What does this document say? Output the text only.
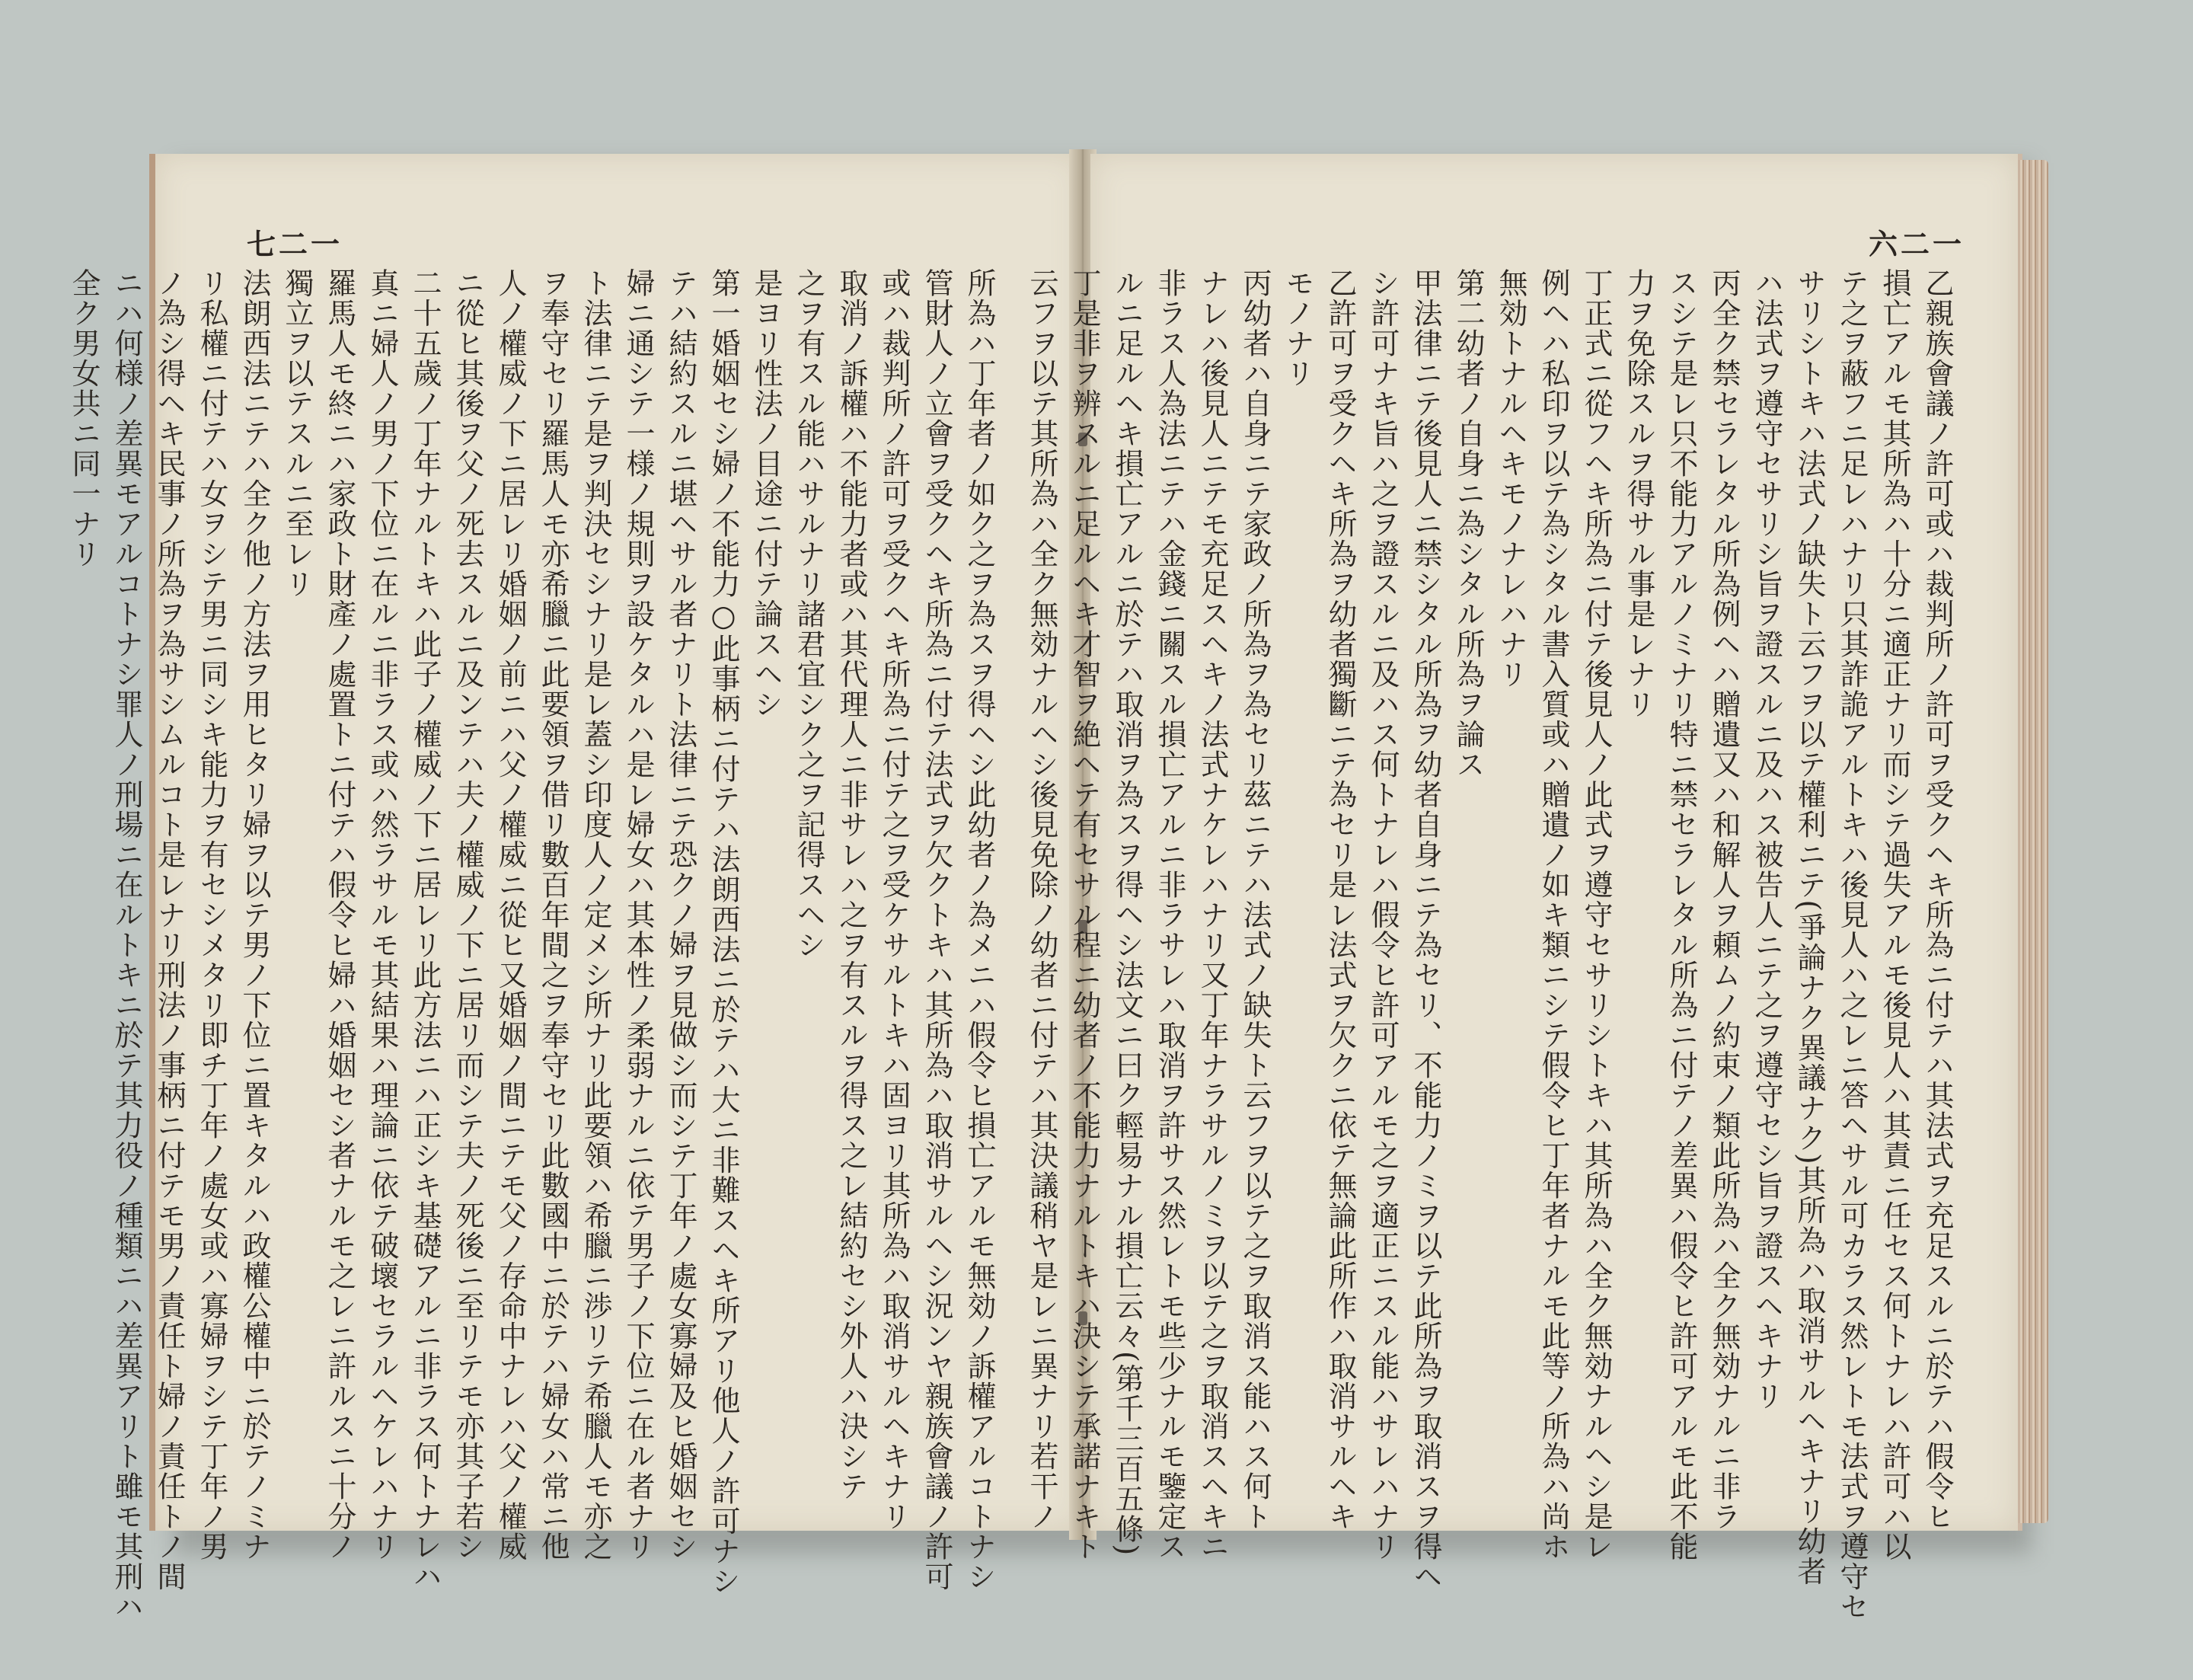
七二一
所為ハ丁年者ノ如ク之ヲ為スヲ得ヘシ此幼者ノ為メニハ假令ヒ損亡アルモ無効ノ訴權アルコトナシ
管財人ノ立會ヲ受クヘキ所為ニ付テ法式ヲ欠クトキハ其所為ハ取消サルヘシ況ンヤ親族會議ノ許可
或ハ裁判所ノ許可ヲ受クヘキ所為ニ付テ之ヲ受ケサルトキハ固ヨリ其所為ハ取消サルヘキナリ
取消ノ訴權ハ不能力者或ハ其代理人ニ非サレハ之ヲ有スルヲ得ス之レ結約セシ外人ハ決シテ
之ヲ有スル能ハサルナリ諸君宜シク之ヲ記得スヘシ
是ヨリ性法ノ目途ニ付テ論スヘシ
第一婚姻セシ婦ノ不能力○此事柄ニ付テハ法朗西法ニ於テハ大ニ非難スヘキ所アリ他人ノ許可ナシ
テハ結約スルニ堪ヘサル者ナリト法律ニテ恐クノ婦ヲ見做シ而シテ丁年ノ處女寡婦及ヒ婚姻セシ
婦ニ通シテ一様ノ規則ヲ設ケタルハ是レ婦女ハ其本性ノ柔弱ナルニ依テ男子ノ下位ニ在ル者ナリ
ト法律ニテ是ヲ判決セシナリ是レ蓋シ印度人ノ定メシ所ナリ此要領ハ希臘ニ渉リテ希臘人モ亦之
ヲ奉守セリ羅馬人モ亦希臘ニ此要領ヲ借リ數百年間之ヲ奉守セリ此數國中ニ於テハ婦女ハ常ニ他
人ノ權威ノ下ニ居レリ婚姻ノ前ニハ父ノ權威ニ從ヒ又婚姻ノ間ニテモ父ノ存命中ナレハ父ノ權威
ニ從ヒ其後ヲ父ノ死去スルニ及ンテハ夫ノ權威ノ下ニ居リ而シテ夫ノ死後ニ至リテモ亦其子若シ
二十五歲ノ丁年ナルトキハ此子ノ權威ノ下ニ居レリ此方法ニハ正シキ基礎アルニ非ラス何トナレハ
真ニ婦人ノ男ノ下位ニ在ルニ非ラス或ハ然ラサルモ其結果ハ理論ニ依テ破壞セラルヘケレハナリ
羅馬人モ終ニハ家政ト財產ノ處置トニ付テハ假令ヒ婦ハ婚姻セシ者ナルモ之レニ許ルスニ十分ノ
獨立ヲ以テスルニ至レリ
法朗西法ニテハ全ク他ノ方法ヲ用ヒタリ婦ヲ以テ男ノ下位ニ置キタルハ政權公權中ニ於テノミナ
リ私權ニ付テハ女ヲシテ男ニ同シキ能力ヲ有セシメタリ即チ丁年ノ處女或ハ寡婦ヲシテ丁年ノ男
ノ為シ得ヘキ民事ノ所為ヲ為サシムルコト是レナリ刑法ノ事柄ニ付テモ男ノ責任ト婦ノ責任トノ間
ニハ何様ノ差異モアルコトナシ罪人ノ刑場ニ在ルトキニ於テ其力役ノ種類ニハ差異アリト雖モ其刑ハ
全ク男女共ニ同一ナリ
六二一
乙親族會議ノ許可或ハ裁判所ノ許可ヲ受クヘキ所為ニ付テハ其法式ヲ充足スルニ於テハ假令ヒ
損亡アルモ其所為ハ十分ニ適正ナリ而シテ過失アルモ後見人ハ其責ニ任セス何トナレハ許可ハ以
テ之ヲ蔽フニ足レハナリ只其詐詭アルトキハ後見人ハ之レニ答ヘサル可カラス然レトモ法式ヲ遵守セ
サリシトキハ法式ノ缺失ト云フヲ以テ權利ニテ(爭論ナク異議ナク)其所為ハ取消サルヘキナリ幼者
ハ法式ヲ遵守セサリシ旨ヲ證スルニ及ハス被告人ニテ之ヲ遵守セシ旨ヲ證スヘキナリ
丙全ク禁セラレタル所為例ヘハ贈遺又ハ和解人ヲ頼ムノ約束ノ類此所為ハ全ク無効ナルニ非ラ
スシテ是レ只不能力アルノミナリ特ニ禁セラレタル所為ニ付テノ差異ハ假令ヒ許可アルモ此不能
力ヲ免除スルヲ得サル事是レナリ
丁正式ニ從フヘキ所為ニ付テ後見人ノ此式ヲ遵守セサリシトキハ其所為ハ全ク無効ナルヘシ是レ
例ヘハ私印ヲ以テ為シタル書入質或ハ贈遺ノ如キ類ニシテ假令ヒ丁年者ナルモ此等ノ所為ハ尚ホ
無効トナルヘキモノナレハナリ
第二幼者ノ自身ニ為シタル所為ヲ論ス
甲法律ニテ後見人ニ禁シタル所為ヲ幼者自身ニテ為セリ、不能力ノミヲ以テ此所為ヲ取消スヲ得ヘ
シ許可ナキ旨ハ之ヲ證スルニ及ハス何トナレハ假令ヒ許可アルモ之ヲ適正ニスル能ハサレハナリ
乙許可ヲ受クヘキ所為ヲ幼者獨斷ニテ為セリ是レ法式ヲ欠クニ依テ無論此所作ハ取消サルヘキ
モノナリ
丙幼者ハ自身ニテ家政ノ所為ヲ為セリ茲ニテハ法式ノ缺失ト云フヲ以テ之ヲ取消ス能ハス何ト
ナレハ後見人ニテモ充足スヘキノ法式ナケレハナリ又丁年ナラサルノミヲ以テ之ヲ取消スヘキニ
非ラス人為法ニテハ金錢ニ關スル損亡アルニ非ラサレハ取消ヲ許サス然レトモ些少ナルモ鑒定ス
ルニ足ルヘキ損亡アルニ於テハ取消ヲ為スヲ得ヘシ法文ニ曰ク輕易ナル損亡云々(第千三百五條)
丁是非ヲ辨スルニ足ルヘキ才智ヲ絶ヘテ有セサル程ニ幼者ノ不能力ナルトキハ決シテ承諾ナキト
云フヲ以テ其所為ハ全ク無効ナルヘシ後見免除ノ幼者ニ付テハ其決議稍ヤ是レニ異ナリ若干ノ
